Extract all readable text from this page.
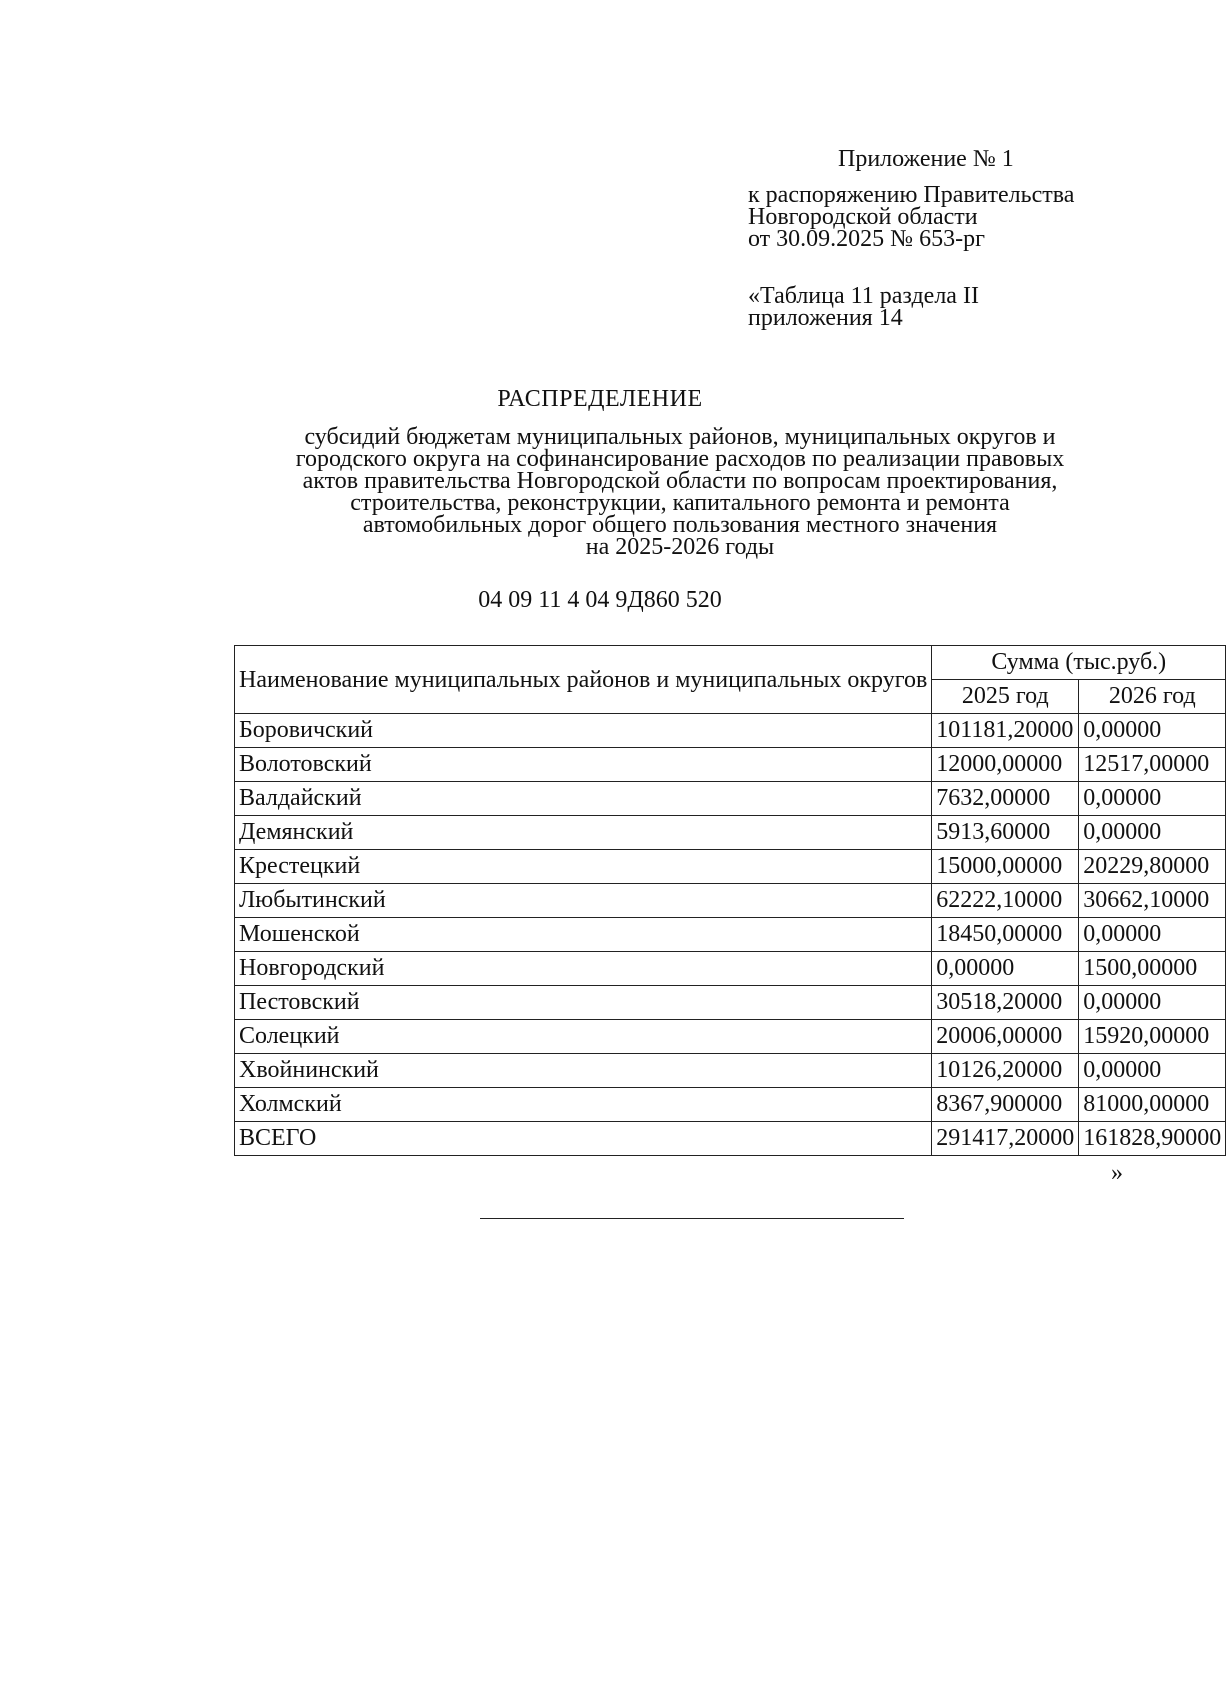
Приложение № 1
к распоряжению Правительства
Новгородской области
от 30.09.2025 № 653-рг
«Таблица 11 раздела II
приложения 14
РАСПРЕДЕЛЕНИЕ
субсидий бюджетам муниципальных районов, муниципальных округов и
городского округа на софинансирование расходов по реализации правовых
актов правительства Новгородской области по вопросам проектирования,
строительства, реконструкции, капитального ремонта и ремонта
автомобильных дорог общего пользования местного значения
на 2025-2026 годы
04 09 11 4 04 9Д860 520
Наименование муниципальных районов и муниципальных округов	Сумма (тыс.руб.)	
	2025 год	2026 год
Боровичский	101181,20000	0,00000
Волотовский	12000,00000	12517,00000
Валдайский	7632,00000	0,00000
Демянский	5913,60000	0,00000
Крестецкий	15000,00000	20229,80000
Любытинский	62222,10000	30662,10000
Мошенской	18450,00000	0,00000
Новгородский	0,00000	1500,00000
Пестовский	30518,20000	0,00000
Солецкий	20006,00000	15920,00000
Хвойнинский	10126,20000	0,00000
Холмский	8367,900000	81000,00000
ВСЕГО	291417,20000	161828,90000
»
